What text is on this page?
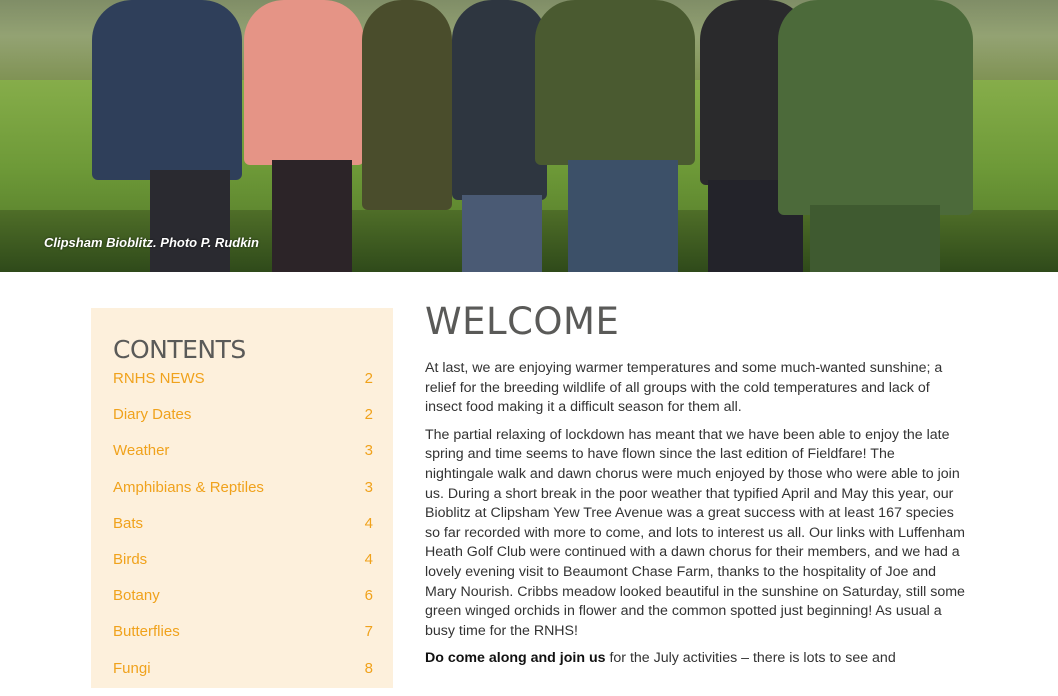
Clipsham Bioblitz. Photo P. Rudkin
CONTENTS
RNHS NEWS	2
Diary Dates	2
Weather	3
Amphibians & Reptiles	3
Bats	4
Birds	4
Botany	6
Butterflies	7
Fungi	8
WELCOME

At last, we are enjoying warmer temperatures and some much-wanted sunshine; a relief for the breeding wildlife of all groups with the cold temperatures and lack of insect food making it a difficult season for them all.

The partial relaxing of lockdown has meant that we have been able to enjoy the late spring and time seems to have flown since the last edition of Fieldfare! The nightingale walk and dawn chorus were much enjoyed by those who were able to join us. During a short break in the poor weather that typified April and May this year, our Bioblitz at Clipsham Yew Tree Avenue was a great success with at least 167 species so far recorded with more to come, and lots to interest us all. Our links with Luffenham Heath Golf Club were continued with a dawn chorus for their members, and we had a lovely evening visit to Beaumont Chase Farm, thanks to the hospitality of Joe and Mary Nourish. Cribbs meadow looked beautiful in the sunshine on Saturday, still some green winged orchids in flower and the common spotted just beginning! As usual a busy time for the RNHS!

Do come along and join us for the July activities – there is lots to see and
